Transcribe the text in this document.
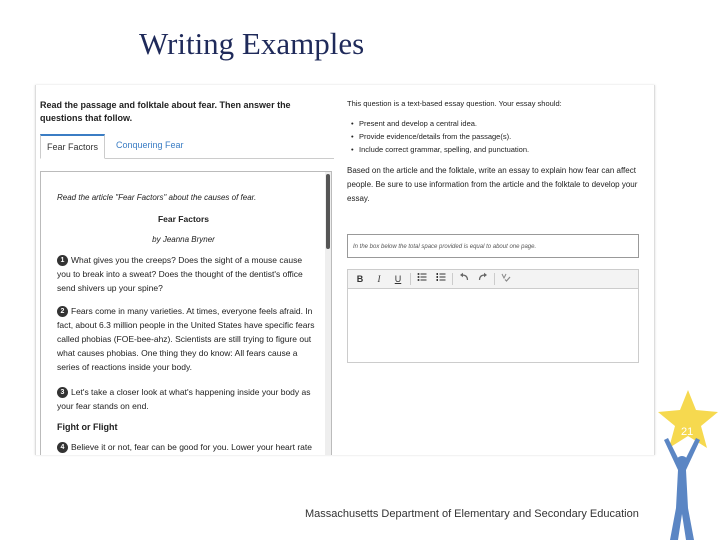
Writing Examples
Read the passage and folktale about fear. Then answer the questions that follow.
Fear Factors	Conquering Fear
Read the article "Fear Factors" about the causes of fear.
Fear Factors
by Jeanna Bryner
1 What gives you the creeps? Does the sight of a mouse cause you to break into a sweat? Does the thought of the dentist's office send shivers up your spine?
2 Fears come in many varieties. At times, everyone feels afraid. In fact, about 6.3 million people in the United States have specific fears called phobias (FOE-bee-ahz). Scientists are still trying to figure out what causes phobias. One thing they do know: All fears cause a series of reactions inside your body.
3 Let's take a closer look at what's happening inside your body as your fear stands on end.
Fight or Flight
4 Believe it or not, fear can be good for you. Lower your heart rate
This question is a text-based essay question. Your essay should:
• Present and develop a central idea.
• Provide evidence/details from the passage(s).
• Include correct grammar, spelling, and punctuation.
Based on the article and the folktale, write an essay to explain how fear can affect people. Be sure to use information from the article and the folktale to develop your essay.
In the box below the total space provided is equal to about one page.
B	I	U
21
Massachusetts Department of Elementary and Secondary Education
